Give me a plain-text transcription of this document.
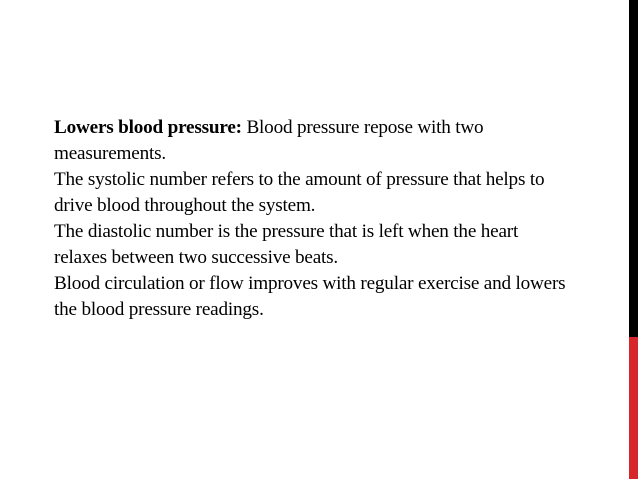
Lowers blood pressure: Blood pressure repose with two measurements.

The systolic number refers to the amount of pressure that helps to drive blood throughout the system.

The diastolic number is the pressure that is left when the heart relaxes between two successive beats.

Blood circulation or flow improves with regular exercise and lowers the blood pressure readings.
